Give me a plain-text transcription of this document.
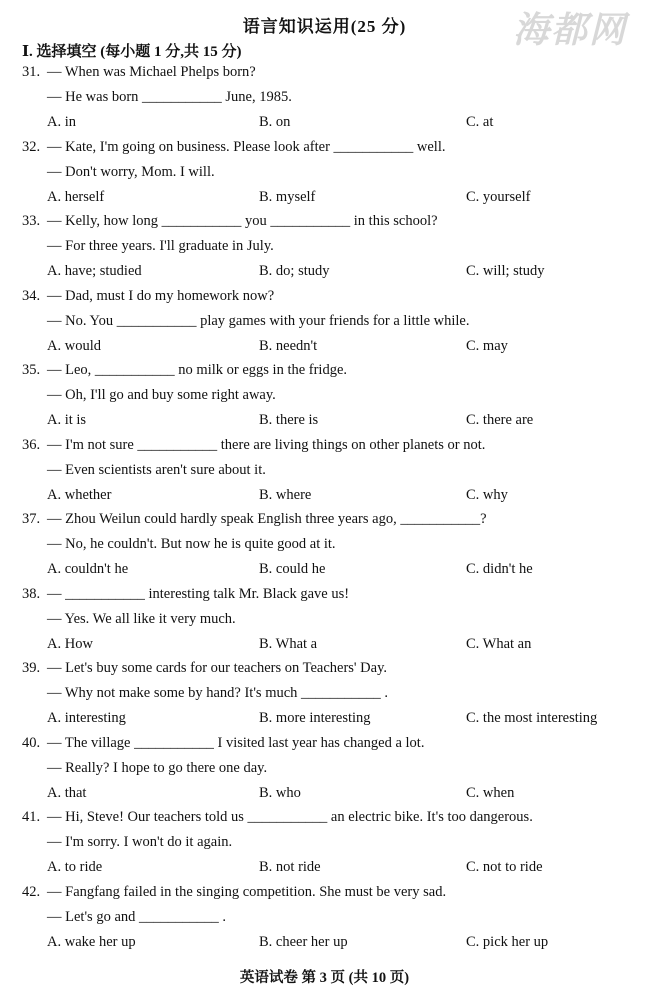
语言知识运用(25 分)	海都网
Ⅰ. 选择填空 (每小题 1 分,共 15 分)
31. — When was Michael Phelps born?
— He was born ___________ June, 1985.
A. in	B. on	C. at
32. — Kate, I'm going on business. Please look after ___________ well.
— Don't worry, Mom. I will.
A. herself	B. myself	C. yourself
33. — Kelly, how long ___________ you ___________ in this school?
— For three years. I'll graduate in July.
A. have; studied	B. do; study	C. will; study
34. — Dad, must I do my homework now?
— No. You ___________ play games with your friends for a little while.
A. would	B. needn't	C. may
35. — Leo, ___________ no milk or eggs in the fridge.
— Oh, I'll go and buy some right away.
A. it is	B. there is	C. there are
36. — I'm not sure ___________ there are living things on other planets or not.
— Even scientists aren't sure about it.
A. whether	B. where	C. why
37. — Zhou Weilun could hardly speak English three years ago, ___________?
— No, he couldn't. But now he is quite good at it.
A. couldn't he	B. could he	C. didn't he
38. — ___________ interesting talk Mr. Black gave us!
— Yes. We all like it very much.
A. How	B. What a	C. What an
39. — Let's buy some cards for our teachers on Teachers' Day.
— Why not make some by hand? It's much ___________ .
A. interesting	B. more interesting	C. the most interesting
40. — The village ___________ I visited last year has changed a lot.
— Really? I hope to go there one day.
A. that	B. who	C. when
41. — Hi, Steve! Our teachers told us ___________ an electric bike. It's too dangerous.
— I'm sorry. I won't do it again.
A. to ride	B. not ride	C. not to ride
42. — Fangfang failed in the singing competition. She must be very sad.
— Let's go and ___________ .
A. wake her up	B. cheer her up	C. pick her up
英语试卷 第 3 页 (共 10 页)
